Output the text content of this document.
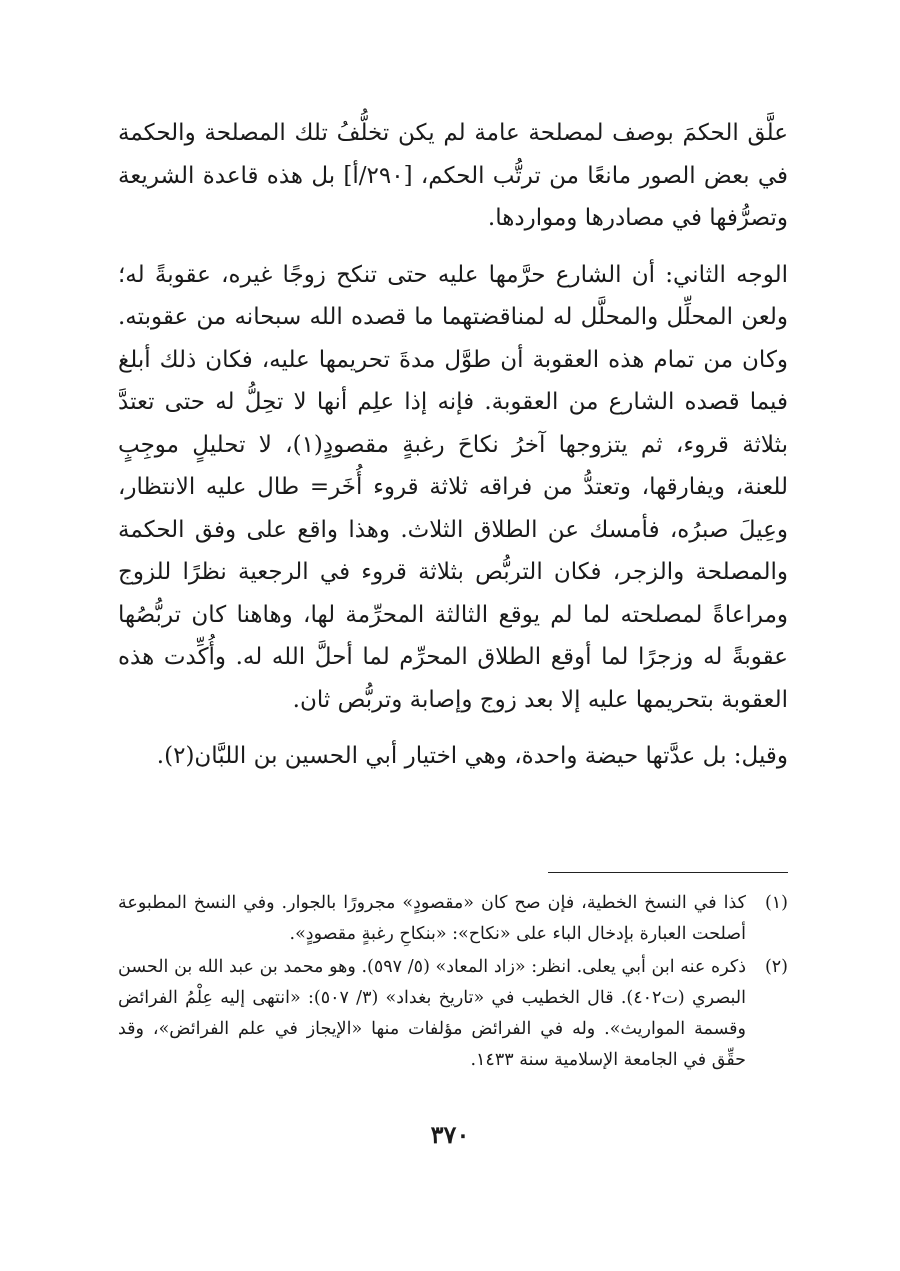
علَّق الحكمَ بوصف لمصلحة عامة لم يكن تخلُّفُ تلك المصلحة والحكمة في بعض الصور مانعًا من ترتُّب الحكم، [٢٩٠/أ] بل هذه قاعدة الشريعة وتصرُّفها في مصادرها ومواردها.

الوجه الثاني: أن الشارع حرَّمها عليه حتى تنكح زوجًا غيره، عقوبةً له؛ ولعن المحلِّل والمحلَّل له لمناقضتهما ما قصده الله سبحانه من عقوبته. وكان من تمام هذه العقوبة أن طوَّل مدةَ تحريمها عليه، فكان ذلك أبلغ فيما قصده الشارع من العقوبة. فإنه إذا علِم أنها لا تحِلُّ له حتى تعتدَّ بثلاثة قروء، ثم يتزوجها آخرُ نكاحَ رغبةٍ مقصودٍ(١)، لا تحليلٍ موجِبٍ للعنة، ويفارقها، وتعتدُّ من فراقه ثلاثة قروء أُخَر= طال عليه الانتظار، وعِيلَ صبرُه، فأمسك عن الطلاق الثلاث. وهذا واقع على وفق الحكمة والمصلحة والزجر، فكان التربُّص بثلاثة قروء في الرجعية نظرًا للزوج ومراعاةً لمصلحته لما لم يوقع الثالثة المحرِّمة لها، وهاهنا كان تربُّصُها عقوبةً له وزجرًا لما أوقع الطلاق المحرِّم لما أحلَّ الله له. وأُكِّدت هذه العقوبة بتحريمها عليه إلا بعد زوج وإصابة وتربُّص ثان.

وقيل: بل عدَّتها حيضة واحدة، وهي اختيار أبي الحسين بن اللبَّان(٢).

(١)
كذا في النسخ الخطية، فإن صح كان «مقصودٍ» مجرورًا بالجوار. وفي النسخ المطبوعة أصلحت العبارة بإدخال الباء على «نكاح»: «بنكاحِ رغبةٍ مقصودٍ».
(٢)
ذكره عنه ابن أبي يعلى. انظر: «زاد المعاد» (٥/ ٥٩٧). وهو محمد بن عبد الله بن الحسن البصري (ت٤٠٢). قال الخطيب في «تاريخ بغداد» (٣/ ٥٠٧): «انتهى إليه عِلْمُ الفرائض وقسمة المواريث». وله في الفرائض مؤلفات منها «الإيجاز في علم الفرائض»، وقد حقِّق في الجامعة الإسلامية سنة ١٤٣٣.
٣٧٠
